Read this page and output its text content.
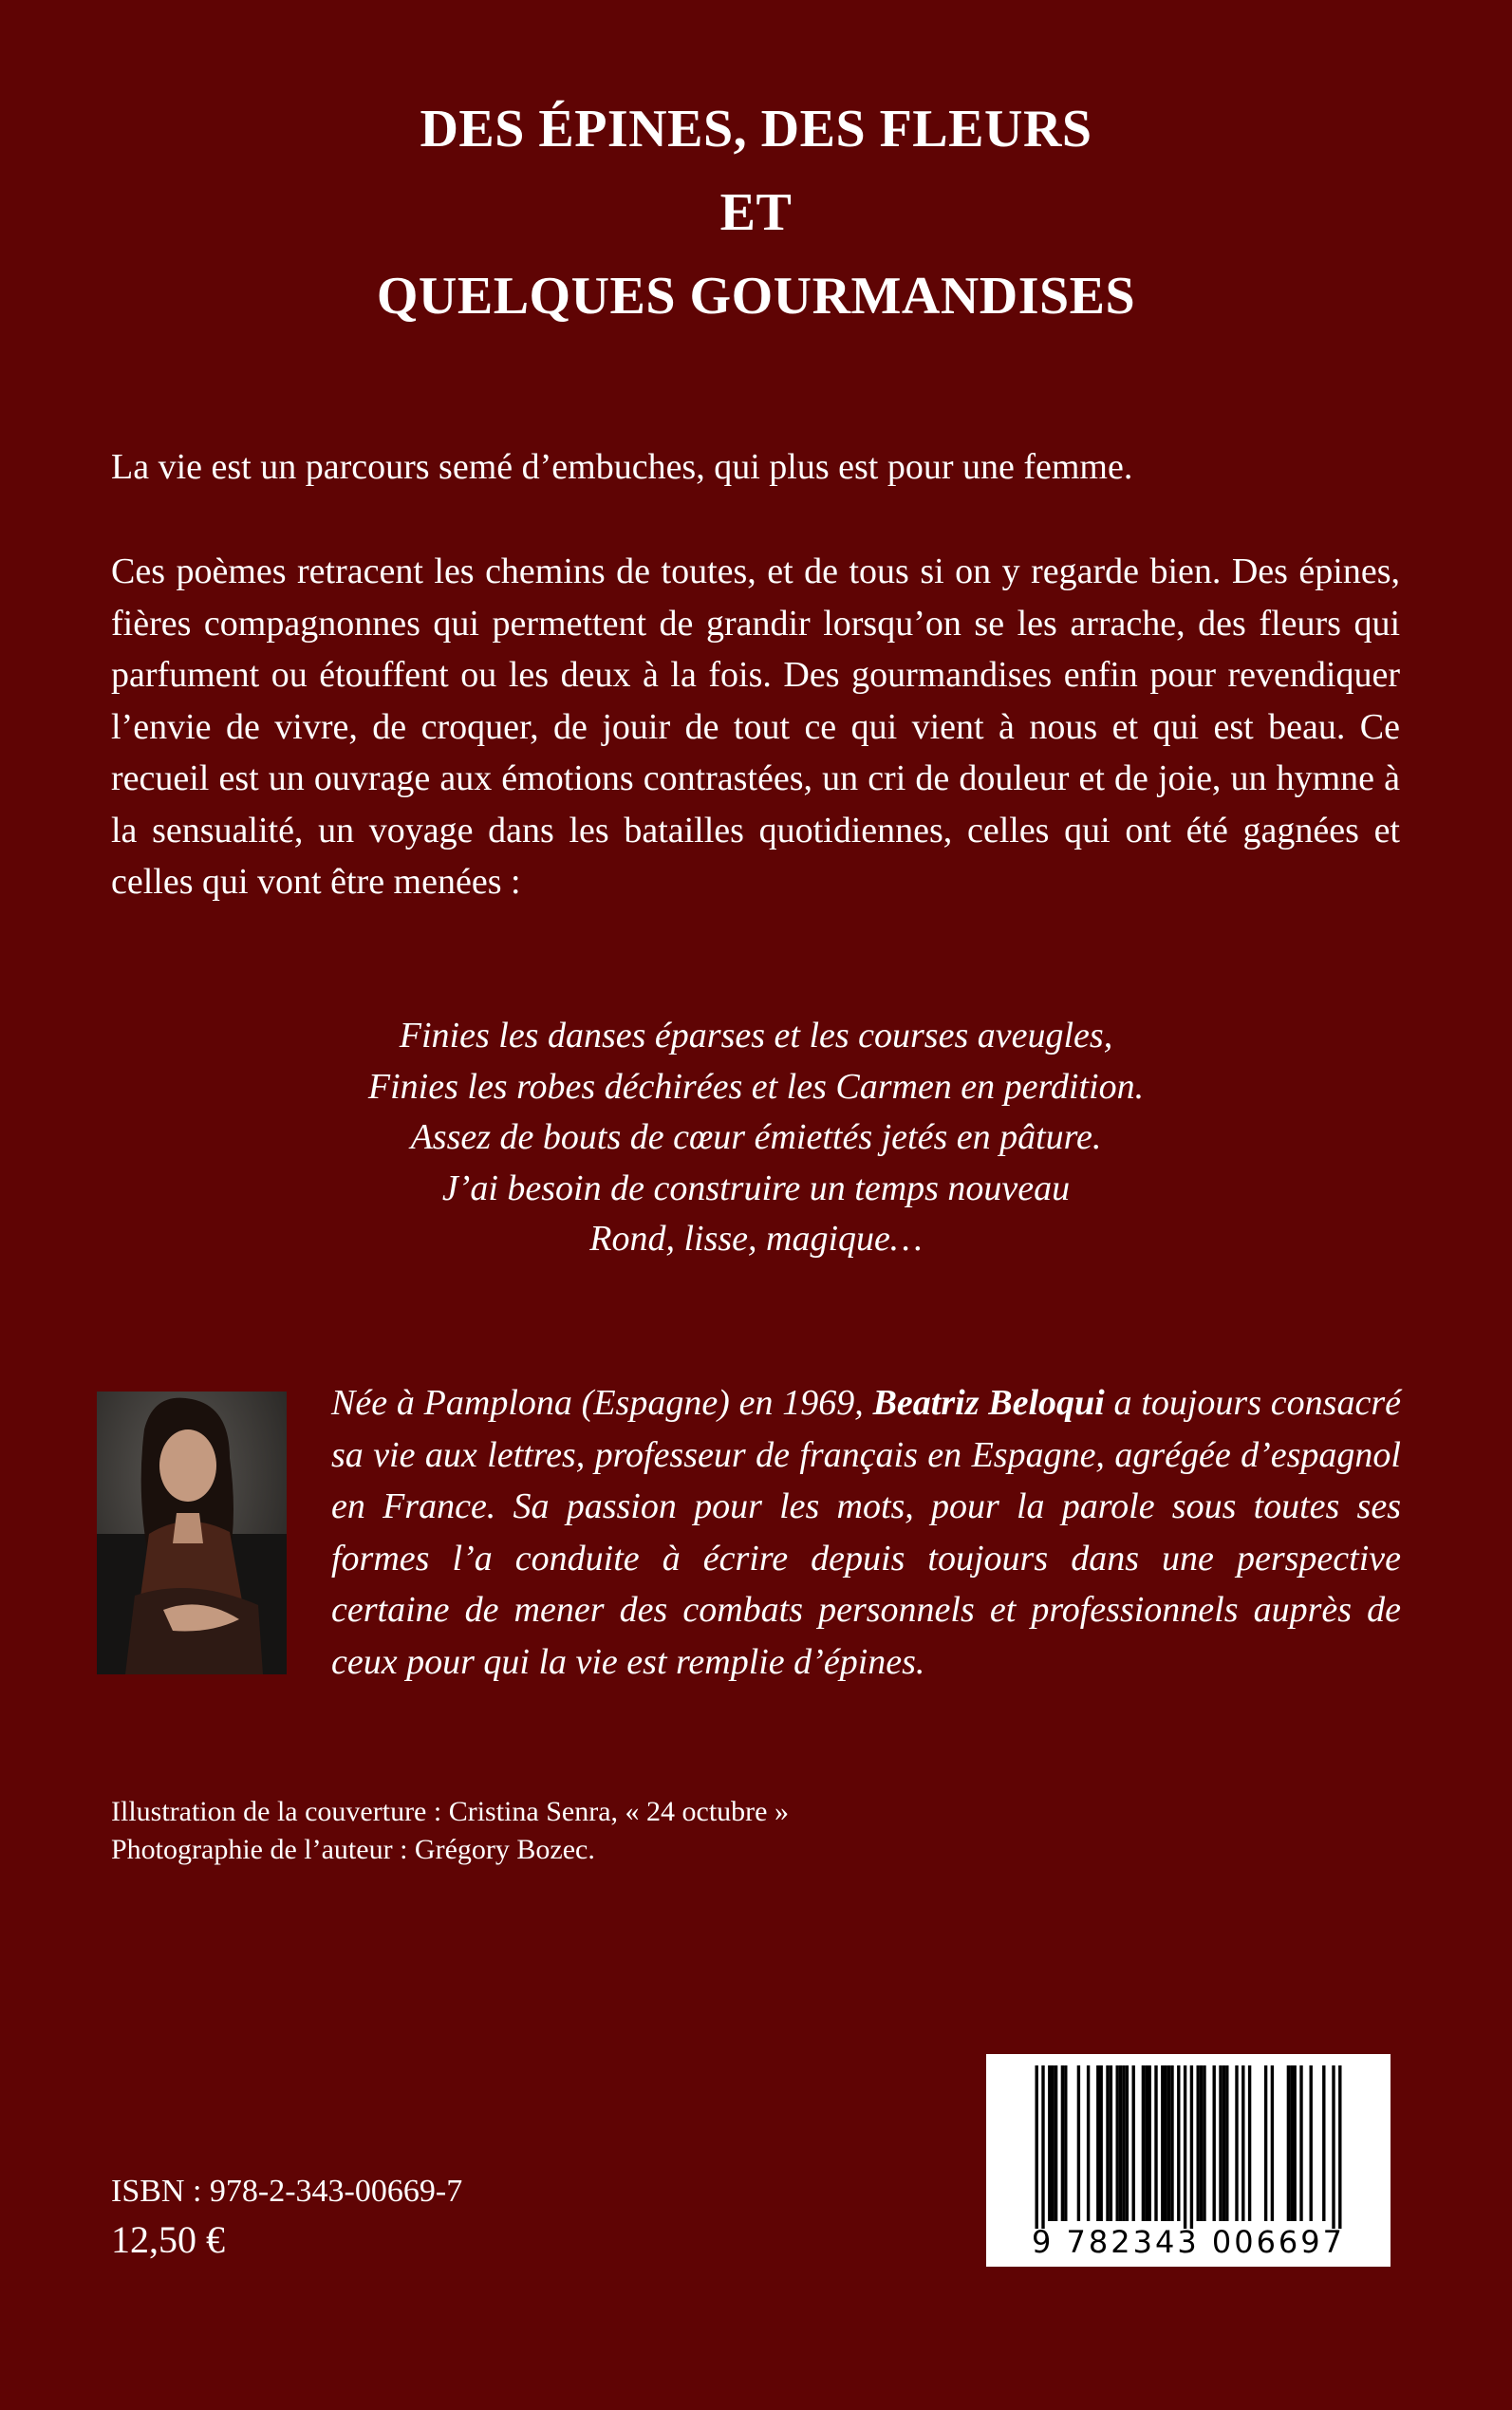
DES ÉPINES, DES FLEURS
ET
QUELQUES GOURMANDISES

La vie est un parcours semé d’embuches, qui plus est pour une femme.

Ces poèmes retracent les chemins de toutes, et de tous si on y regarde bien. Des épines, fières compagnonnes qui permettent de grandir lorsqu’on se les arrache, des fleurs qui parfument ou étouffent ou les deux à la fois. Des gourmandises enfin pour revendiquer l’envie de vivre, de croquer, de jouir de tout ce qui vient à nous et qui est beau. Ce recueil est un ouvrage aux émotions contrastées, un cri de douleur et de joie, un hymne à la sensualité, un voyage dans les batailles quotidiennes, celles qui ont été gagnées et celles qui vont être menées :

Finies les danses éparses et les courses aveugles,
Finies les robes déchirées et les Carmen en perdition.
Assez de bouts de cœur émiettés jetés en pâture.
J’ai besoin de construire un temps nouveau
Rond, lisse, magique…

Née à Pamplona (Espagne) en 1969, Beatriz Beloqui a toujours consacré sa vie aux lettres, professeur de français en Espagne, agrégée d’espagnol en France. Sa passion pour les mots, pour la parole sous toutes ses formes l’a conduite à écrire depuis toujours dans une perspective certaine de mener des combats personnels et professionnels auprès de ceux pour qui la vie est remplie d’épines.

Illustration de la couverture : Cristina Senra, « 24 octubre »
Photographie de l’auteur : Grégory Bozec.
ISBN : 978-2-343-00669-7
12,50 €	9 782343 006697
